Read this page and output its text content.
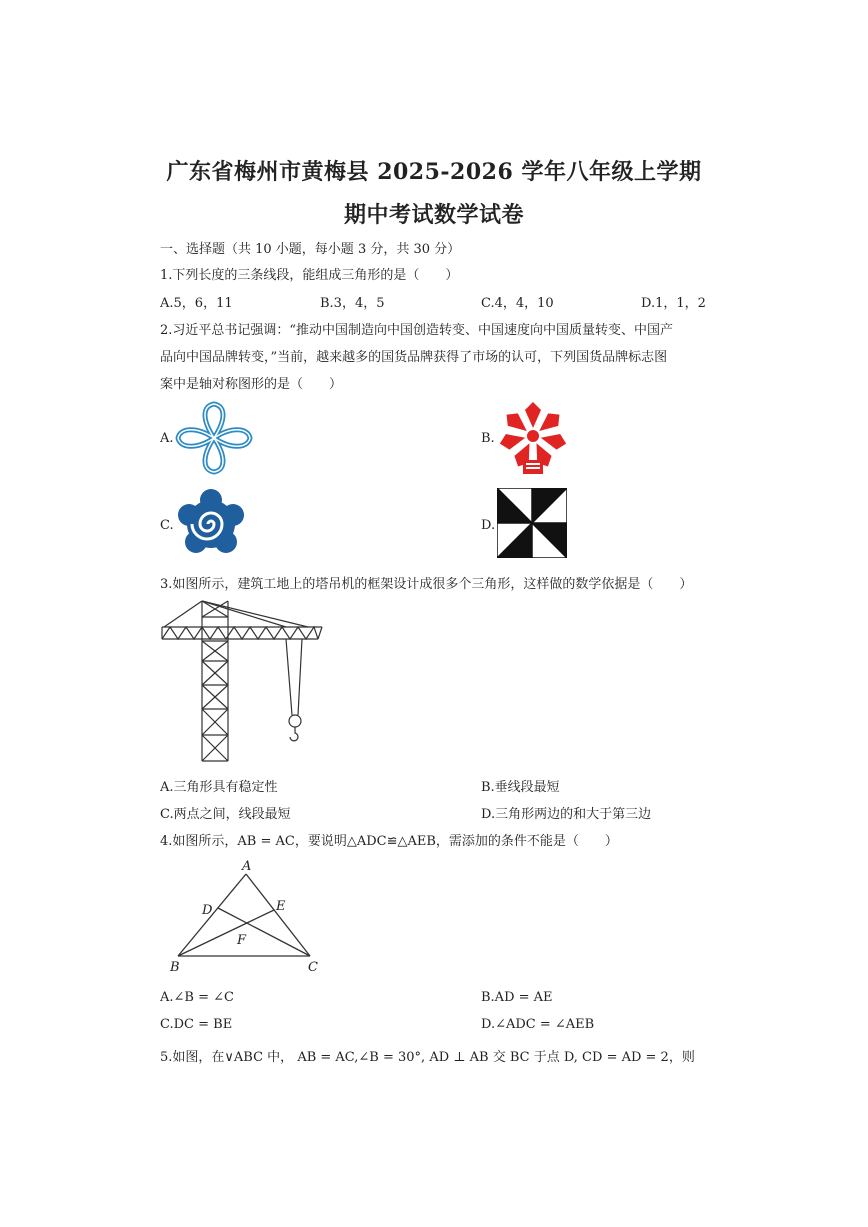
广东省梅州市黄梅县 2025-2026 学年八年级上学期
期中考试数学试卷
一、选择题（共 10 小题，每小题 3 分，共 30 分）
1.下列长度的三条线段，能组成三角形的是（　　）
A.5，6，11	B.3，4，5	C.4，4，10	D.1，1，2
2.习近平总书记强调：“推动中国制造向中国创造转变、中国速度向中国质量转变、中国产
品向中国品牌转变，”当前，越来越多的国货品牌获得了市场的认可，下列国货品牌标志图
案中是轴对称图形的是（　　）
A.	B.
C.	D.
3.如图所示，建筑工地上的塔吊机的框架设计成很多个三角形，这样做的数学依据是（　　）
A.三角形具有稳定性	B.垂线段最短
C.两点之间，线段最短	D.三角形两边的和大于第三边
4.如图所示，AB = AC，要说明△ADC≌△AEB，需添加的条件不能是（　　）
A
B	C
D	E
F
A.∠B = ∠C	B.AD = AE
C.DC = BE	D.∠ADC = ∠AEB
5.如图，在∨ABC 中， AB = AC,∠B = 30°, AD ⊥ AB 交 BC 于点 D, CD = AD = 2，则
